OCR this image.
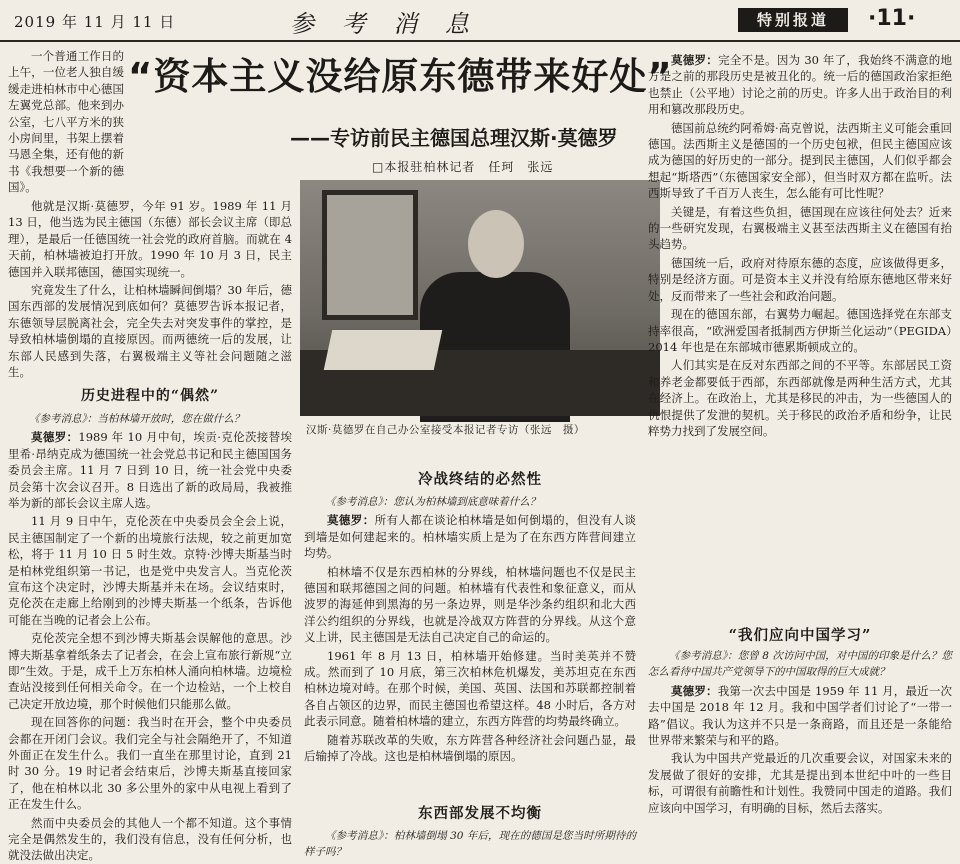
2019 年 11 月 11 日	参 考 消 息	特别报道	·11·
“资本主义没给原东德带来好处”
——专访前民主德国总理汉斯·莫德罗
□本报驻柏林记者　任珂　张远

一个普通工作日的上午，一位老人独自缓缓走进柏林市中心德国左翼党总部。他来到办公室，七八平方米的狭小房间里，书架上摆着马恩全集，还有他的新书《我想要一个新的德国》。

他就是汉斯·莫德罗，今年 91 岁。1989 年 11 月 13 日，他当选为民主德国（东德）部长会议主席（即总理），是最后一任德国统一社会党的政府首脑。而就在 4 天前，柏林墙被迫打开放。1990 年 10 月 3 日，民主德国并入联邦德国，德国实现统一。

究竟发生了什么，让柏林墙瞬间倒塌？30 年后，德国东西部的发展情况到底如何？莫德罗告诉本报记者，东德领导层脱离社会，完全失去对突发事件的掌控，是导致柏林墙倒塌的直接原因。而两德统一后的发展，让东部人民感到失落，右翼极端主义等社会问题随之滋生。

历史进程中的“偶然”

《参考消息》：当柏林墙开放时，您在做什么？

莫德罗：1989 年 10 月中旬，埃贡·克伦茨接替埃里希·昂纳克成为德国统一社会党总书记和民主德国国务委员会主席。11 月 7 日到 10 日，统一社会党中央委员会第十次会议召开。8 日选出了新的政局局，我被推举为新的部长会议主席人选。

11 月 9 日中午，克伦茨在中央委员会全会上说，民主德国制定了一个新的出境旅行法规，较之前更加宽松，将于 11 月 10 日 5 时生效。京特·沙博夫斯基当时是柏林党组织第一书记，也是党中央发言人。当克伦茨宣布这个决定时，沙博夫斯基并未在场。会议结束时，克伦茨在走廊上给刚到的沙博夫斯基一个纸条，告诉他可能在当晚的记者会上公布。

克伦茨完全想不到沙博夫斯基会误解他的意思。沙博夫斯基拿着纸条去了记者会，在会上宣布旅行新规“立即”生效。于是，成千上万东柏林人涌向柏林墙。边境检查站没接到任何相关命令。在一个边检站，一个上校自己决定开放边境，那个时候他们只能那么做。

现在回答你的问题：我当时在开会，整个中央委员会都在开闭门会议。我们完全与社会隔绝开了，不知道外面正在发生什么。我们一直坐在那里讨论，直到 21 时 30 分。19 时记者会结束后，沙博夫斯基直接回家了，他在柏林以北 30 多公里外的家中从电视上看到了正在发生什么。

然而中央委员会的其他人一个都不知道。这个事情完全是偶然发生的，我们没有信息，没有任何分析，也就没法做出决定。

汉斯·莫德罗在自己办公室接受本报记者专访（张远　摄）
冷战终结的必然性

《参考消息》：您认为柏林墙到底意味着什么？

莫德罗：所有人都在谈论柏林墙是如何倒塌的，但没有人谈到墙是如何建起来的。柏林墙实质上是为了在东西方阵营间建立均势。

柏林墙不仅是东西柏林的分界线，柏林墙问题也不仅是民主德国和联邦德国之间的问题。柏林墙有代表性和象征意义，而从波罗的海延伸到黑海的另一条边界，则是华沙条约组织和北大西洋公约组织的分界线，也就是冷战双方阵营的分界线。从这个意义上讲，民主德国是无法自己决定自己的命运的。

1961 年 8 月 13 日，柏林墙开始修建。当时美英并不赞成。然而到了 10 月底，第三次柏林危机爆发，美苏坦克在东西柏林边境对峙。在那个时候，美国、英国、法国和苏联都控制着各自占领区的边界，而民主德国也希望这样。48 小时后，各方对此表示同意。随着柏林墙的建立，东西方阵营的均势最终确立。

随着苏联改革的失败，东方阵营各种经济社会问题凸显，最后输掉了冷战。这也是柏林墙倒塌的原因。

东西部发展不均衡

《参考消息》：柏林墙倒塌 30 年后，现在的德国是您当时所期待的样子吗？

莫德罗：完全不是。因为 30 年了，我始终不满意的地方是之前的那段历史是被丑化的。统一后的德国政治家拒绝也禁止（公平地）讨论之前的历史。许多人出于政治目的利用和篡改那段历史。

德国前总统约阿希姆·高克曾说，法西斯主义可能会重回德国。法西斯主义是德国的一个历史包袱，但民主德国应该成为德国的好历史的一部分。提到民主德国，人们似乎都会想起“斯塔西”（东德国家安全部），但当时双方都在监听。法西斯导致了千百万人丧生，怎么能有可比性呢？

关键是，有着这些负担，德国现在应该往何处去？近来的一些研究发现，右翼极端主义甚至法西斯主义在德国有抬头趋势。

德国统一后，政府对待原东德的态度，应该做得更多，特别是经济方面。可是资本主义并没有给原东德地区带来好处，反而带来了一些社会和政治问题。

现在的德国东部，右翼势力崛起。德国选择党在东部支持率很高，“欧洲爱国者抵制西方伊斯兰化运动”（PEGIDA）2014 年也是在东部城市德累斯顿成立的。

人们其实是在反对东西部之间的不平等。东部居民工资和养老金都要低于西部，东西部就像是两种生活方式，尤其在经济上。在政治上，尤其是移民的冲击，为一些德国人的仇恨提供了发泄的契机。关于移民的政治矛盾和纷争，让民粹势力找到了发展空间。

“我们应向中国学习”

《参考消息》：您曾 8 次访问中国，对中国的印象是什么？您怎么看待中国共产党领导下的中国取得的巨大成就？

莫德罗：我第一次去中国是 1959 年 11 月，最近一次去中国是 2018 年 12 月。我和中国学者们讨论了“一带一路”倡议。我认为这并不只是一条商路，而且还是一条能给世界带来繁荣与和平的路。

我认为中国共产党最近的几次重要会议，对国家未来的发展做了很好的安排，尤其是提出到本世纪中叶的一些目标，可谓很有前瞻性和计划性。我赞同中国走的道路。我们应该向中国学习，有明确的目标，然后去落实。
